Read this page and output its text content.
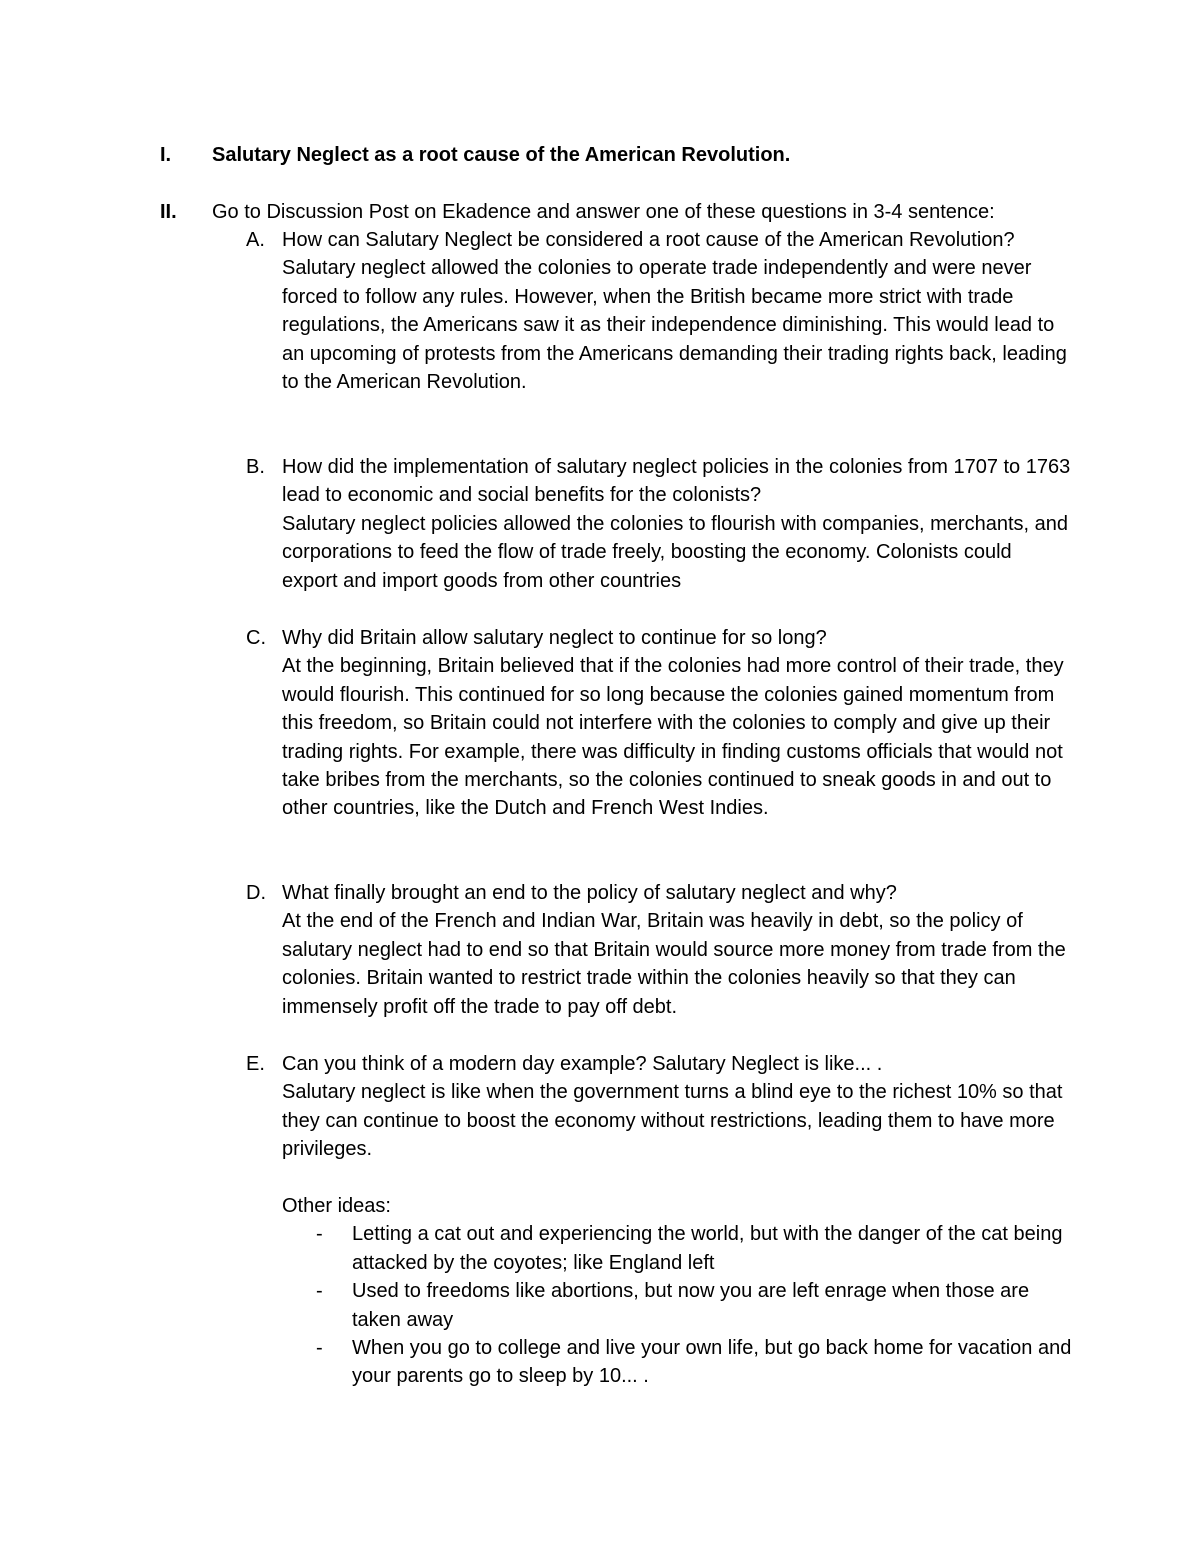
I. Salutary Neglect as a root cause of the American Revolution.
II. Go to Discussion Post on Ekadence and answer one of these questions in 3-4 sentence:
A. How can Salutary Neglect be considered a root cause of the American Revolution?

Salutary neglect allowed the colonies to operate trade independently and were never forced to follow any rules. However, when the British became more strict with trade regulations, the Americans saw it as their independence diminishing. This would lead to an upcoming of protests from the Americans demanding their trading rights back, leading to the American Revolution.

B. How did the implementation of salutary neglect policies in the colonies from 1707 to 1763 lead to economic and social benefits for the colonists?

Salutary neglect policies allowed the colonies to flourish with companies, merchants, and corporations to feed the flow of trade freely, boosting the economy. Colonists could export and import goods from other countries

C. Why did Britain allow salutary neglect to continue for so long?

At the beginning, Britain believed that if the colonies had more control of their trade, they would flourish. This continued for so long because the colonies gained momentum from this freedom, so Britain could not interfere with the colonies to comply and give up their trading rights. For example, there was difficulty in finding customs officials that would not take bribes from the merchants, so the colonies continued to sneak goods in and out to other countries, like the Dutch and French West Indies.

D. What finally brought an end to the policy of salutary neglect and why?

At the end of the French and Indian War, Britain was heavily in debt, so the policy of salutary neglect had to end so that Britain would source more money from trade from the colonies. Britain wanted to restrict trade within the colonies heavily so that they can immensely profit off the trade to pay off debt.

E. Can you think of a modern day example? Salutary Neglect is like... .

Salutary neglect is like when the government turns a blind eye to the richest 10% so that they can continue to boost the economy without restrictions, leading them to have more privileges.

Other ideas:
- Letting a cat out and experiencing the world, but with the danger of the cat being attacked by the coyotes; like England left
- Used to freedoms like abortions, but now you are left enrage when those are taken away
- When you go to college and live your own life, but go back home for vacation and your parents go to sleep by 10... .
